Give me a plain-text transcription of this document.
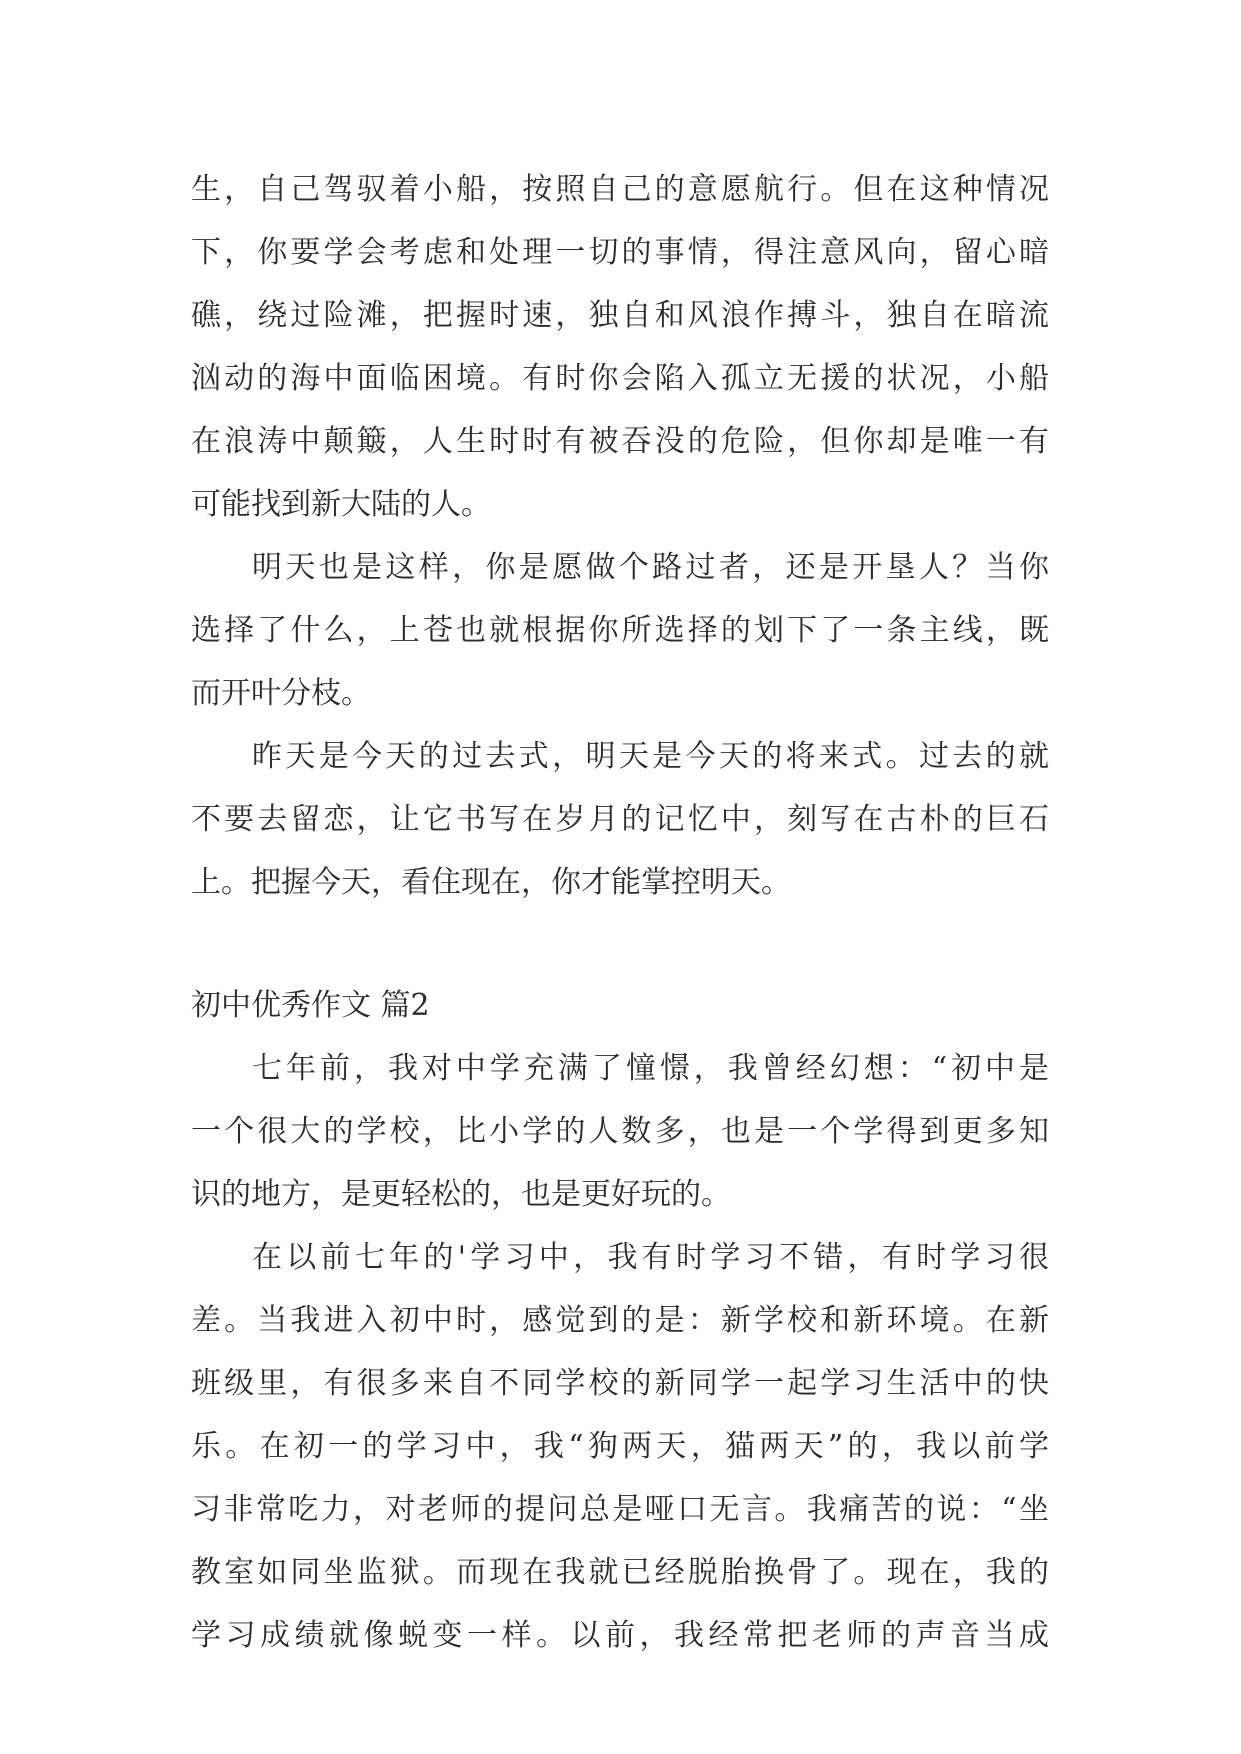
生，自己驾驭着小船，按照自己的意愿航行。但在这种情况
下，你要学会考虑和处理一切的事情，得注意风向，留心暗
礁，绕过险滩，把握时速，独自和风浪作搏斗，独自在暗流
汹动的海中面临困境。有时你会陷入孤立无援的状况，小船
在浪涛中颠簸，人生时时有被吞没的危险，但你却是唯一有
可能找到新大陆的人。
明天也是这样，你是愿做个路过者，还是开垦人？当你
选择了什么，上苍也就根据你所选择的划下了一条主线，既
而开叶分枝。
昨天是今天的过去式，明天是今天的将来式。过去的就
不要去留恋，让它书写在岁月的记忆中，刻写在古朴的巨石
上。把握今天，看住现在，你才能掌控明天。
初中优秀作文 篇2
七年前，我对中学充满了憧憬，我曾经幻想：“初中是
一个很大的学校，比小学的人数多，也是一个学得到更多知
识的地方，是更轻松的，也是更好玩的。
在以前七年的'学习中，我有时学习不错，有时学习很
差。当我进入初中时，感觉到的是：新学校和新环境。在新
班级里，有很多来自不同学校的新同学一起学习生活中的快
乐。在初一的学习中，我“狗两天，猫两天”的，我以前学
习非常吃力，对老师的提问总是哑口无言。我痛苦的说：“坐
教室如同坐监狱。而现在我就已经脱胎换骨了。现在，我的
学习成绩就像蜕变一样。以前，我经常把老师的声音当成
